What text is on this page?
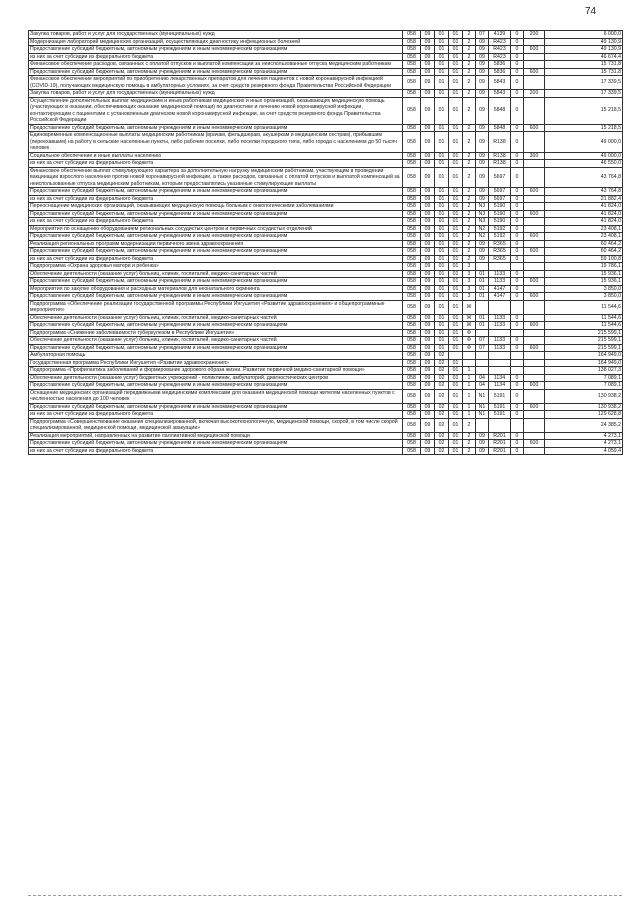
74
Закупка товаров, работ и услуг для государственных (муниципальных) нужд	058	09	01	01	2	07	4139	0	200	6 000,0
Модернизация лабораторий медицинских организаций, осуществляющих диагностику инфекционных болезней	058	09	01	01	2	09	R423	0		49 130,9
Предоставление субсидий бюджетным, автономным учреждениям и иным некоммерческим организациям	058	09	01	01	2	09	R423	0	600	49 130,9
из них за счет субсидии из федерального бюджета	058	09	01	01	2	09	R423	0		46 674,4
Финансовое обеспечение расходов, связанных с оплатой отпусков и выплатой компенсации за неиспользованные отпуска медицинским работникам	058	09	01	01	2	09	5836	0		15 731,8
Предоставление субсидий бюджетным, автономным учреждениям и иным некоммерческим организациям	058	09	01	01	2	09	5836	0	600	15 731,8
Финансовое обеспечение мероприятий по приобретению лекарственных препаратов для лечения пациентов с новой коронавирусной инфекцией (COVID-19), получающих медицинскую помощь в амбулаторных условиях, за счет средств резервного фонда Правительства Российской Федерации	058	09	01	01	2	09	5843	0		17 339,5
Закупка товаров, работ и услуг для государственных (муниципальных) нужд	058	09	01	01	2	09	5843	0	200	17 339,5
Осуществление дополнительных выплат медицинским и иным работникам медицинских и иных организаций, оказывающих медицинскую помощь (участвующих в оказании, обеспечивающих оказание медицинской помощи) по диагностике и лечению новой коронавирусной инфекции, контактирующим с пациентами с установленным диагнозом новой коронавирусной инфекции, за счет средств резервного фонда Правительства Российской Федерации	058	09	01	01	2	09	5848	0		15 218,5
Предоставление субсидий бюджетным, автономным учреждениям и иным некоммерческим организациям	058	09	01	01	2	09	5848	0	600	15 218,5
Единовременные компенсационные выплаты медицинским работникам (врачам, фельдшерам, акушеркам и медицинским сестрам), прибывшим (переехавшим) на работу в сельские населенные пункты, либо рабочие поселки, либо поселки городского типа, либо города с населением до 50 тысяч человек	058	09	01	01	2	09	R138	0		49 000,0
Социальное обеспечение и иные выплаты населению	058	09	01	01	2	09	R138	0	300	49 000,0
из них за счет субсидии из федерального бюджета	058	09	01	01	2	09	R138	0		46 550,0
Финансовое обеспечение выплат стимулирующего характера за дополнительную нагрузку медицинским работникам, участвующим в проведении вакцинации взрослого населения против новой коронавирусной инфекции, а также расходов, связанных с оплатой отпусков и выплатой компенсаций за неиспользованные отпуска медицинским работникам, которым предоставлялись указанные стимулирующие выплаты	058	09	01	01	2	09	5697	0		43 764,8
Предоставление субсидий бюджетным, автономным учреждениям и иным некоммерческим организациям	058	09	01	01	2	09	5697	0	600	43 764,8
из них за счет субсидии из федерального бюджета	058	09	01	01	2	09	5697	0		21 882,4
Переоснащение медицинских организаций, оказывающих медицинскую помощь больным с онкологическими заболеваниями	058	09	01	01	2	N3	5190	0		41 824,0
Предоставление субсидий бюджетным, автономным учреждениям и иным некоммерческим организациям	058	09	01	01	2	N3	5190	0	600	41 824,0
из них за счет субсидии из федерального бюджета	058	09	01	01	2	N3	5190	0		41 824,0
Мероприятия по оснащению оборудованием региональных сосудистых центров и первичных сосудистых отделений	058	09	01	01	2	N2	5192	0		23 408,1
Предоставление субсидий бюджетным, автономным учреждениям и иным некоммерческим организациям	058	09	01	01	2	N2	5192	0	600	23 408,1
Реализация региональных программ модернизации первичного звена здравоохранения	058	09	01	01	2	09	R365	0		60 464,2
Предоставление субсидий бюджетным, автономным учреждениям и иным некоммерческим организациям	058	09	01	01	2	09	R365	0	600	60 464,2
из них за счет субсидии из федерального бюджета	058	09	01	01	2	09	R365	0		59 100,8
Подпрограмма «Охрана здоровья матери и ребенка»	058	09	01	01	3					19 786,1
Обеспечение деятельности (оказание услуг) больниц, клиник, госпиталей, медико-санитарных частей	058	09	01	01	3	01	1133	0		15 936,1
Предоставление субсидий бюджетным, автономным учреждениям и иным некоммерческим организациям	058	09	01	01	3	01	1133	0	600	15 936,1
Мероприятия по закупке оборудования и расходных материалов для неонатального скрининга	058	09	01	01	3	01	4147	0		3 850,0
Предоставление субсидий бюджетным, автономным учреждениям и иным некоммерческим организациям	058	09	01	01	3	01	4147	0	600	3 850,0
Подпрограмма «Обеспечение реализации государственной программы Республики Ингушетия «Развитие здравоохранения» и общепрограммные мероприятия»	058	09	01	01	Ж					11 544,6
Обеспечение деятельности (оказание услуг) больниц, клиник, госпиталей, медико-санитарных частей	058	09	01	01	Ж	01	1133	0		11 544,6
Предоставление субсидий бюджетным, автономным учреждениям и иным некоммерческим организациям	058	09	01	01	Ж	01	1133	0	600	11 544,6
Подпрограмма «Снижение заболеваемости туберкулезом в Республике Ингушетия»	058	09	01	01	Ф					215 599,1
Обеспечение деятельности (оказание услуг) больниц, клиник, госпиталей, медико-санитарных частей	058	09	01	01	Ф	07	1133	0		215 599,1
Предоставление субсидий бюджетным, автономным учреждениям и иным некоммерческим организациям	058	09	01	01	Ф	07	1133	0	600	215 599,1
Амбулаторная помощь	058	09	02							164 949,0
Государственная программа Республики Ингушетия «Развитие здравоохранения»	058	09	02	01						164 949,0
Подпрограмма «Профилактика заболеваний и формирование здорового образа жизни. Развитие первичной медико-санитарной помощи»	058	09	02	01	1					138 027,3
Обеспечение деятельности (оказание услуг) бюджетных учреждений - поликлиник, амбулаторий, диагностических центров	058	09	02	01	1	04	1134	0		7 089,1
Предоставление субсидий бюджетным, автономным учреждениям и иным некоммерческим организациям	058	09	02	01	1	04	1134	0	600	7 089,1
Оснащение медицинских организаций передвижными медицинскими комплексами для оказания медицинской помощи жителям населенных пунктов с численностью населения до 100 человек	058	09	02	01	1	N1	5191	0		130 938,2
Предоставление субсидий бюджетным, автономным учреждениям и иным некоммерческим организациям	058	09	02	01	1	N1	5191	0	600	130 938,2
из них за счет субсидии из федерального бюджета	058	09	02	01	1	N1	5191	0		129 628,8
Подпрограмма «Совершенствование оказания специализированной, включая высокотехнологичную, медицинской помощи, скорой, в том числе скорой специализированной, медицинской помощи, медицинской эвакуации»	058	09	02	01	2					24 385,2
Реализация мероприятий, направленных на развитие паллиативной медицинской помощи	058	09	02	01	2	09	R201	0		4 273,1
Предоставление субсидий бюджетным, автономным учреждениям и иным некоммерческим организациям	058	09	02	01	2	09	R201	0	600	4 273,1
из них за счет субсидии из федерального бюджета	058	09	02	01	2	09	R201	0		4 059,4
